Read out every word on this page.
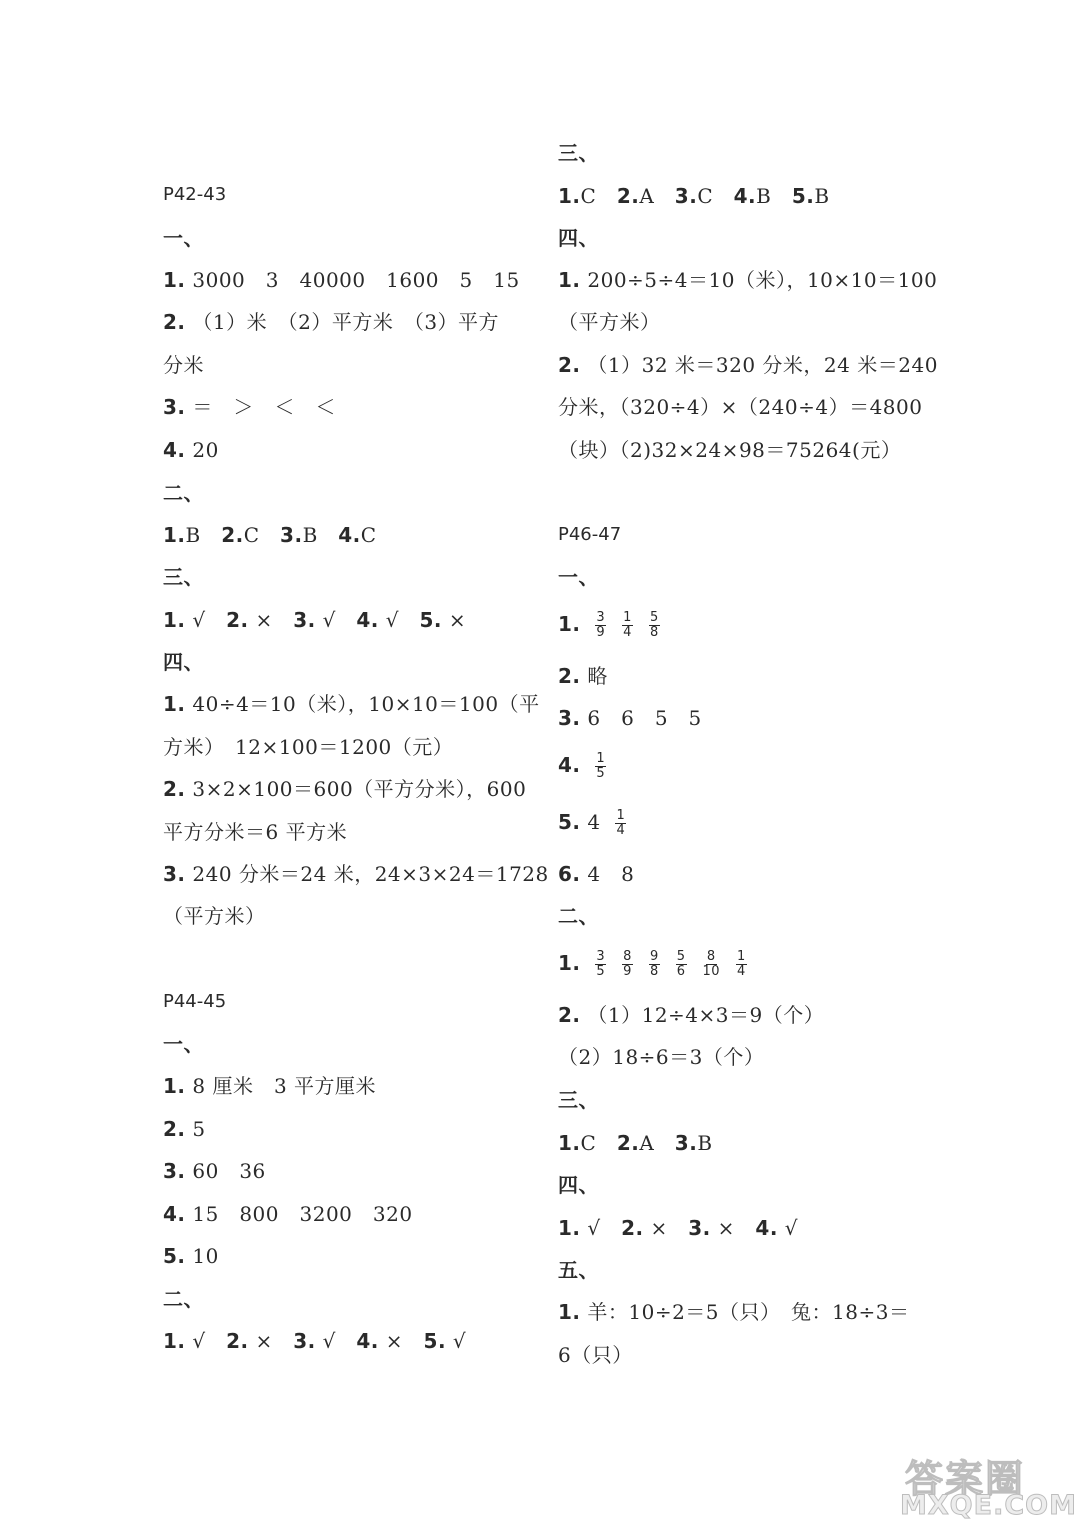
P42-43
一、
1. 3000　3　40000　1600　5　15
2. （1）米　（2）平方米　（3）平方
分米
3. ＝　＞　＜　＜
4. 20
二、
1.B　 2.C　 3.B　 4.C
三、
1. √　 2. ×　 3. √　 4. √　 5. ×
四、
1. 40÷4＝10（米），10×10＝100（平
方米）　12×100＝1200（元）
2. 3×2×100＝600（平方分米），600
平方分米＝6 平方米
3. 240 分米＝24 米，24×3×24＝1728
（平方米）
P44-45
一、
1. 8 厘米　3 平方厘米
2. 5
3. 60　36
4. 15　800　3200　320
5. 10
二、
1. √　 2. ×　 3. √　 4. ×　 5. √
三、
1.C　 2.A　 3.C　 4.B　 5.B
四、
1. 200÷5÷4＝10（米），10×10＝100
（平方米）
2. （1）32 米＝320 分米，24 米＝240
分米，（320÷4）×（240÷4）＝4800
（块）（2)32×24×98＝75264(元）
P46-47
一、
1. $\frac{3}{9} \frac{1}{4} \frac{5}{8}$
2. 略
3. 6　6　5　5
4. $\frac{1}{5}$
5. $4 \frac{1}{4}$
6. 4　8
二、
1. $\frac{3}{5} \frac{8}{9} \frac{9}{8} \frac{5}{6} \frac{8}{10} \frac{1}{4}$
2. （1）12÷4×3＝9（个）
（2）18÷6＝3（个）
三、
1.C　 2.A　 3.B
四、
1. √　 2. ×　 3. ×　 4. √
五、
1. 羊：10÷2＝5（只）　兔：18÷3＝
6（只）
答案圈
MXQE.COM
